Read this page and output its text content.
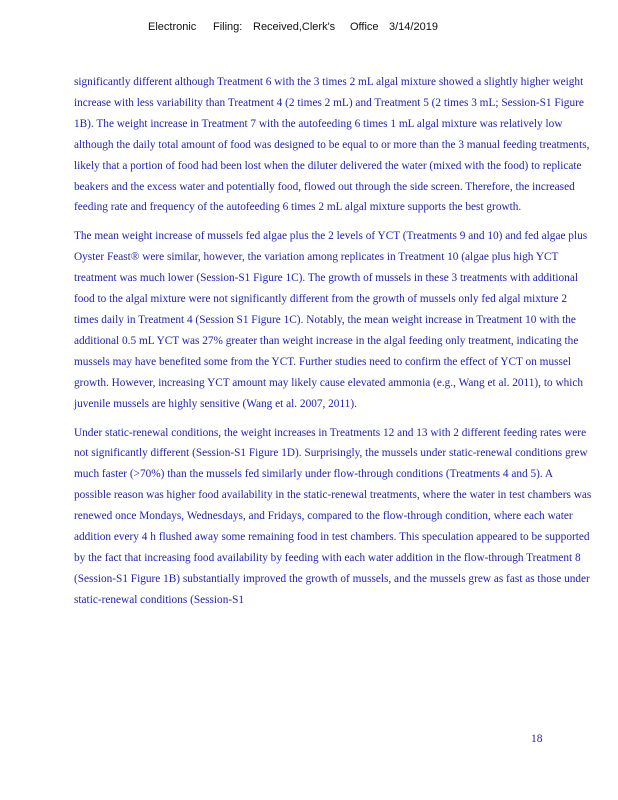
Electronic Filing: Received,Clerk's Office 3/14/2019

significantly different although Treatment 6 with the 3 times 2 mL algal mixture showed a slightly higher weight increase with less variability than Treatment 4 (2 times 2 mL) and Treatment 5 (2 times 3 mL; Session-S1 Figure 1B). The weight increase in Treatment 7 with the autofeeding 6 times 1 mL algal mixture was relatively low although the daily total amount of food was designed to be equal to or more than the 3 manual feeding treatments, likely that a portion of food had been lost when the diluter delivered the water (mixed with the food) to replicate beakers and the excess water and potentially food, flowed out through the side screen. Therefore, the increased feeding rate and frequency of the autofeeding 6 times 2 mL algal mixture supports the best growth.

The mean weight increase of mussels fed algae plus the 2 levels of YCT (Treatments 9 and 10) and fed algae plus Oyster Feast® were similar, however, the variation among replicates in Treatment 10 (algae plus high YCT treatment was much lower (Session-S1 Figure 1C). The growth of mussels in these 3 treatments with additional food to the algal mixture were not significantly different from the growth of mussels only fed algal mixture 2 times daily in Treatment 4 (Session S1 Figure 1C). Notably, the mean weight increase in Treatment 10 with the additional 0.5 mL YCT was 27% greater than weight increase in the algal feeding only treatment, indicating the mussels may have benefited some from the YCT. Further studies need to confirm the effect of YCT on mussel growth. However, increasing YCT amount may likely cause elevated ammonia (e.g., Wang et al. 2011), to which juvenile mussels are highly sensitive (Wang et al. 2007, 2011).

Under static-renewal conditions, the weight increases in Treatments 12 and 13 with 2 different feeding rates were not significantly different (Session-S1 Figure 1D). Surprisingly, the mussels under static-renewal conditions grew much faster (>70%) than the mussels fed similarly under flow-through conditions (Treatments 4 and 5). A possible reason was higher food availability in the static-renewal treatments, where the water in test chambers was renewed once Mondays, Wednesdays, and Fridays, compared to the flow-through condition, where each water addition every 4 h flushed away some remaining food in test chambers. This speculation appeared to be supported by the fact that increasing food availability by feeding with each water addition in the flow-through Treatment 8 (Session-S1 Figure 1B) substantially improved the growth of mussels, and the mussels grew as fast as those under static-renewal conditions (Session-S1

18
